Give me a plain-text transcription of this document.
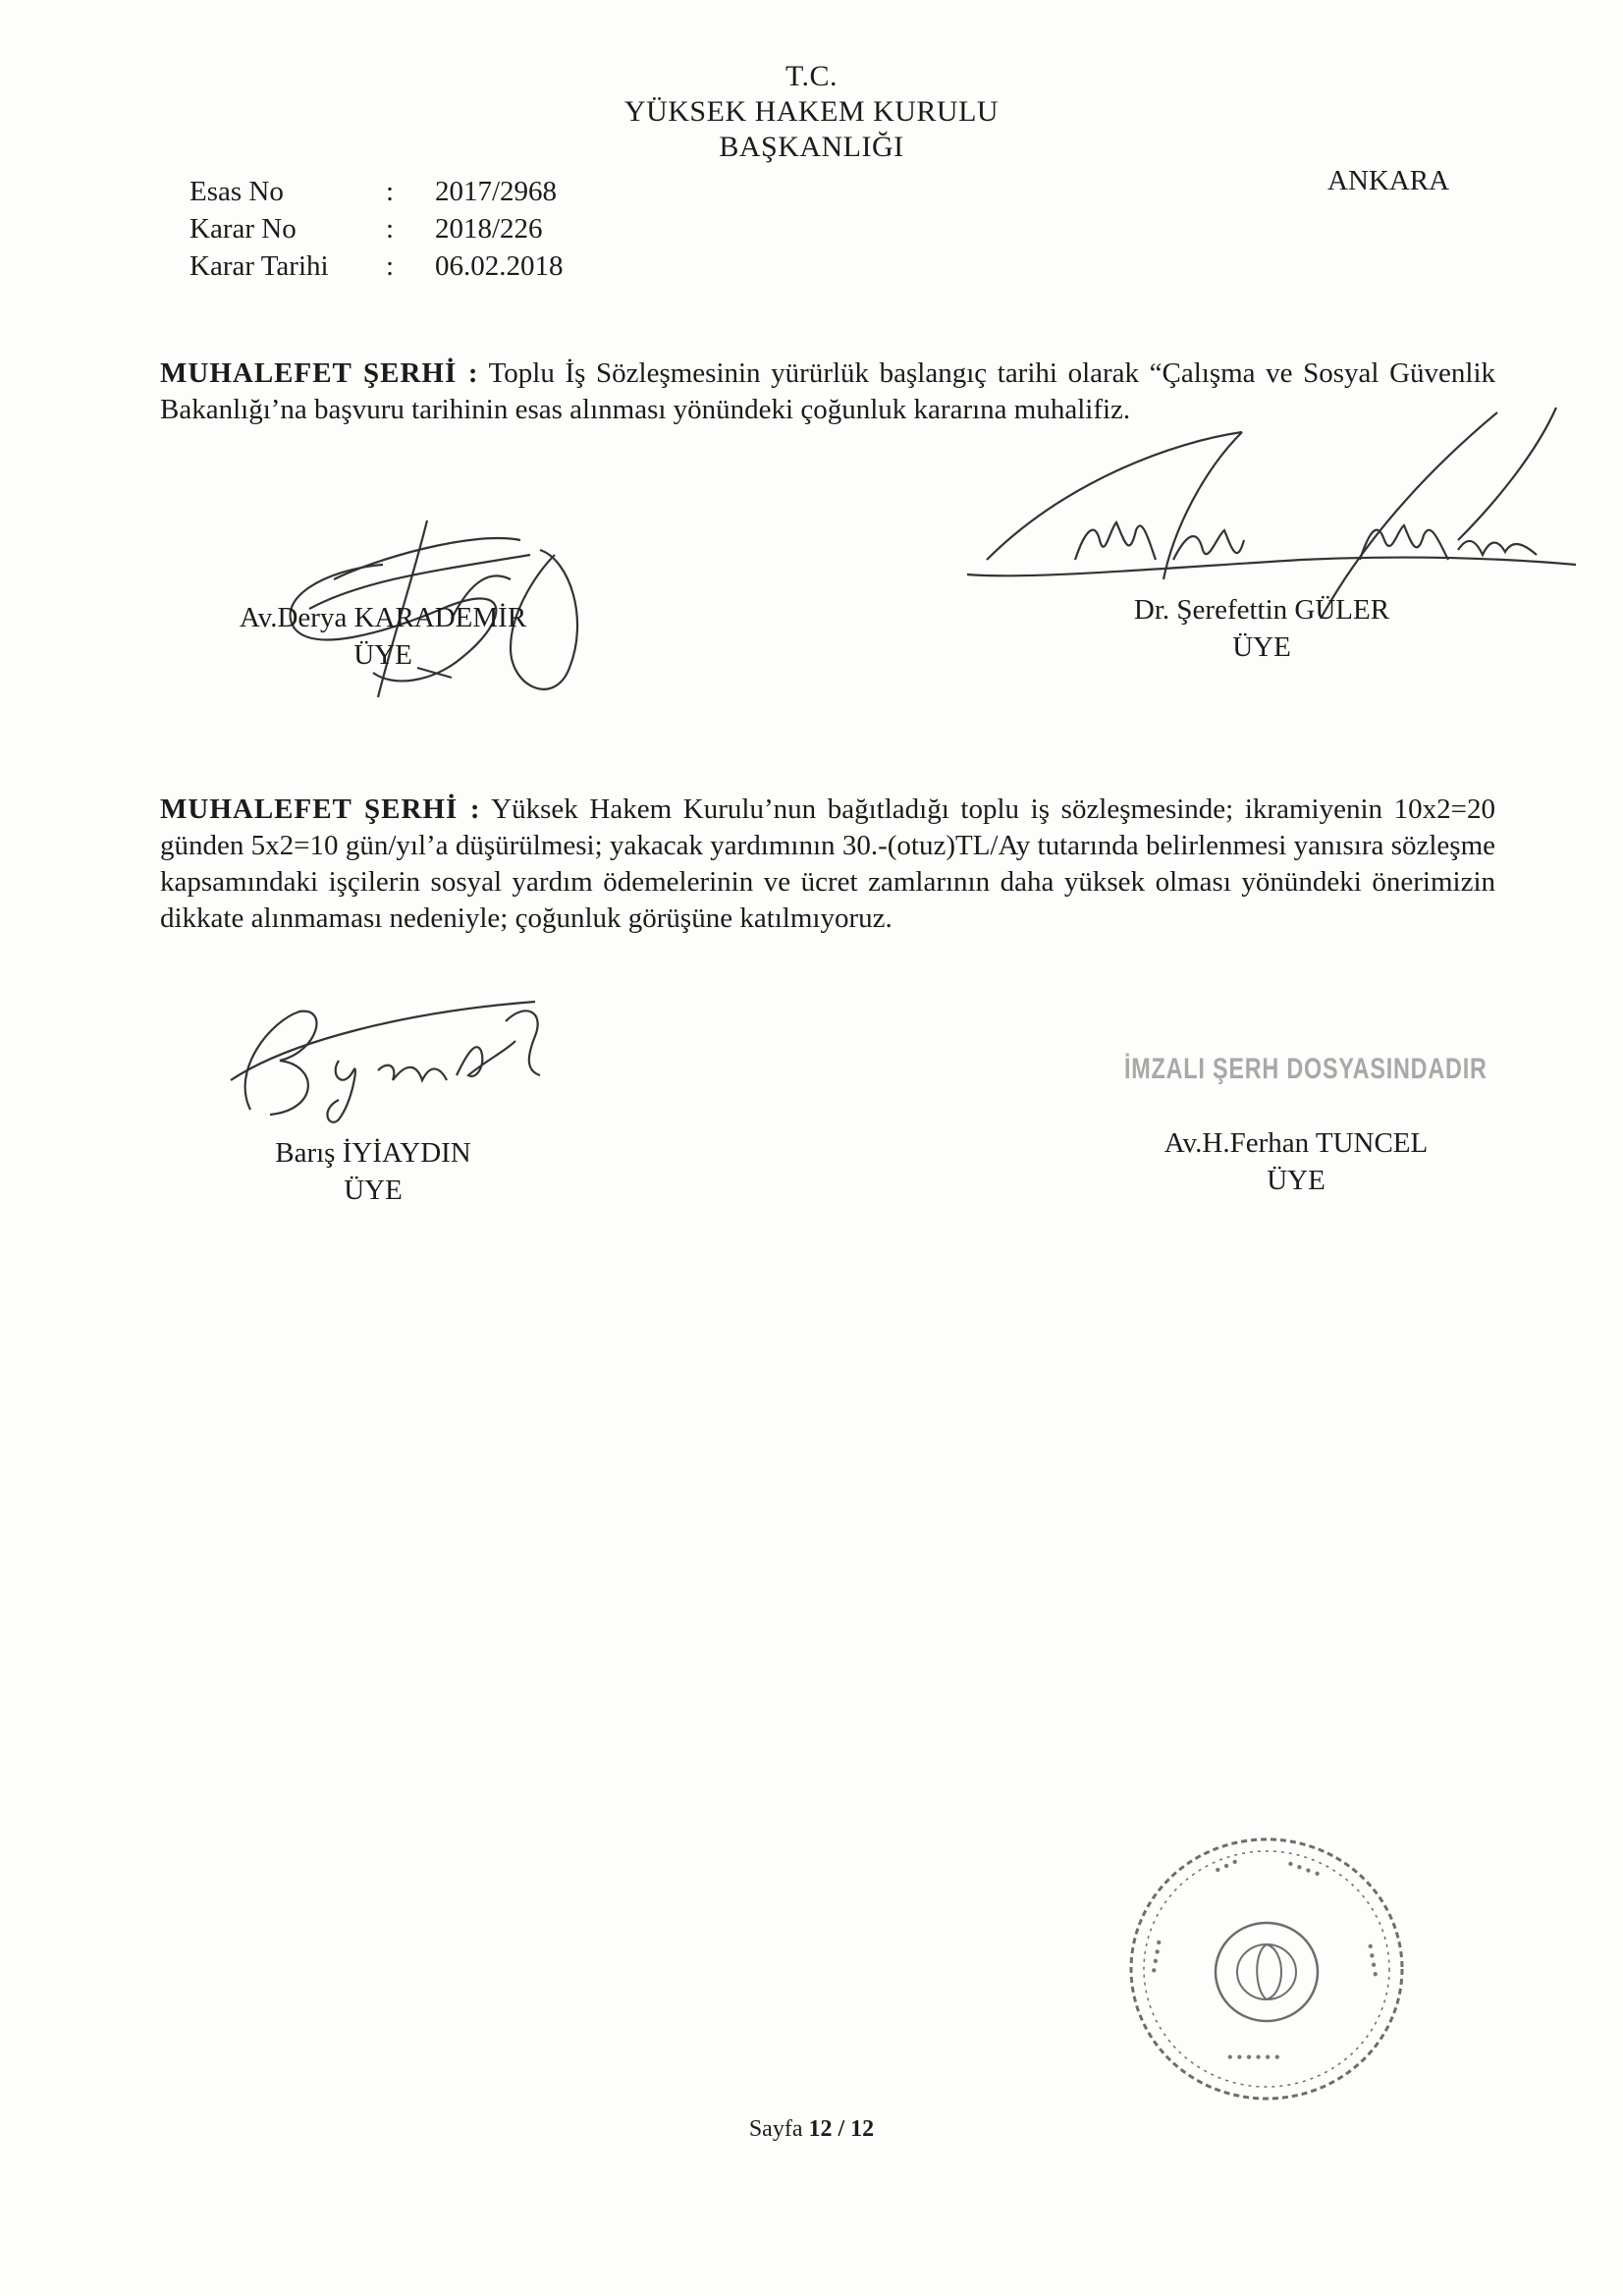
T.C.
YÜKSEK HAKEM KURULU
BAŞKANLIĞI
ANKARA
Esas No	:	2017/2968
Karar No	:	2018/226
Karar Tarihi	:	06.02.2018
MUHALEFET ŞERHİ : Toplu İş Sözleşmesinin yürürlük başlangıç tarihi olarak “Çalışma ve Sosyal Güvenlik Bakanlığı’na başvuru tarihinin esas alınması yönündeki çoğunluk kararına muhalifiz.
Av.Derya KARADEMİR
ÜYE
Dr. Şerefettin GÜLER
ÜYE
MUHALEFET ŞERHİ : Yüksek Hakem Kurulu’nun bağıtladığı toplu iş sözleşmesinde; ikramiyenin 10x2=20 günden 5x2=10 gün/yıl’a düşürülmesi; yakacak yardımının 30.-(otuz)TL/Ay tutarında belirlenmesi yanısıra sözleşme kapsamındaki işçilerin sosyal yardım ödemelerinin ve ücret zamlarının daha yüksek olması yönündeki önerimizin dikkate alınmaması nedeniyle; çoğunluk görüşüne katılmıyoruz.
İMZALI ŞERH DOSYASINDADIR
Barış İYİAYDIN
ÜYE
Av.H.Ferhan TUNCEL
ÜYE
• • •	• • • •
• • • •	• • • •
• • • • • •
Sayfa 12 / 12
